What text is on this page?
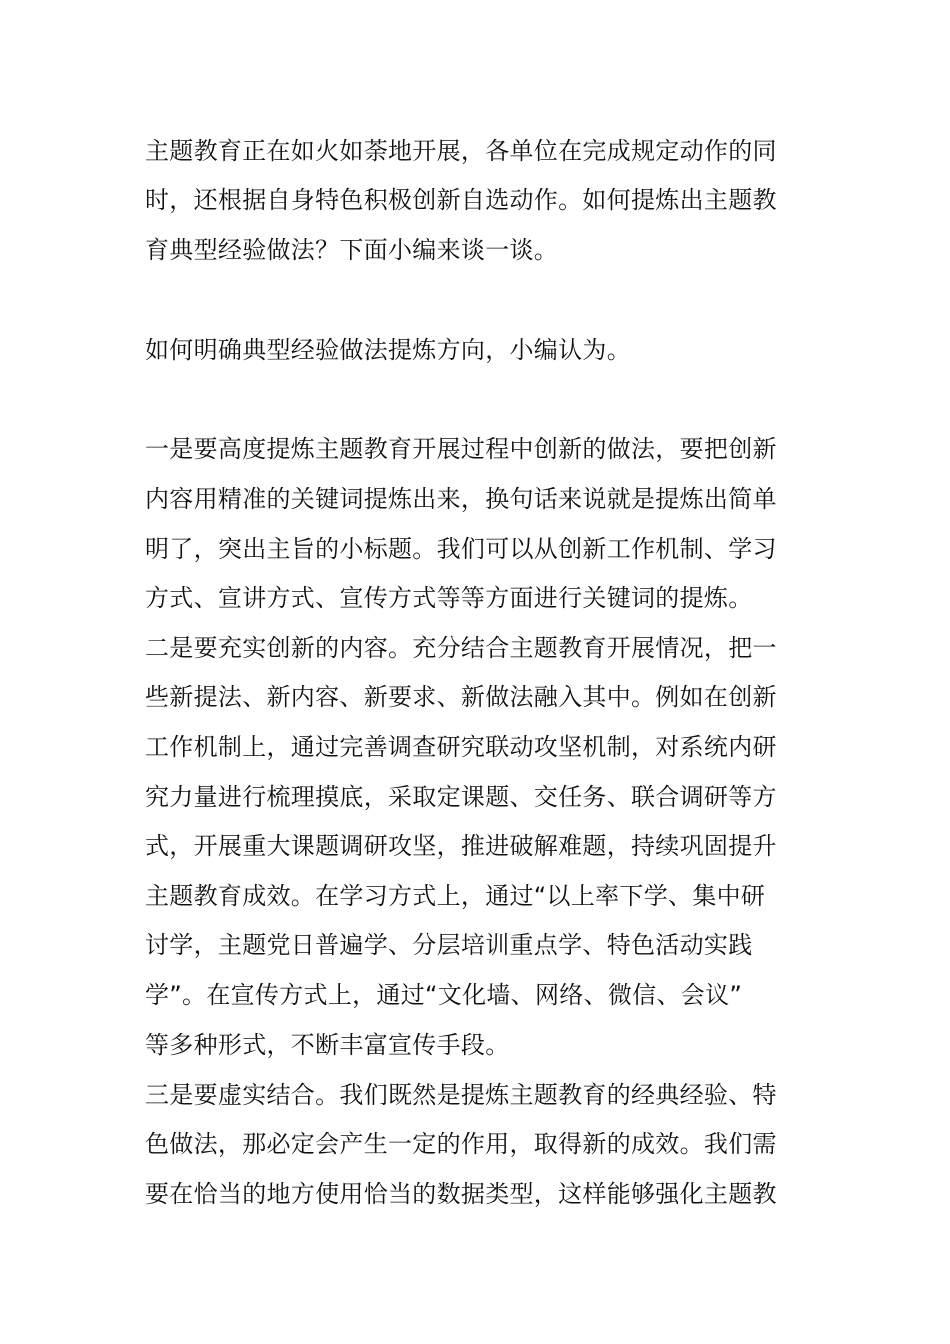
主题教育正在如火如荼地开展，各单位在完成规定动作的同
时，还根据自身特色积极创新自选动作。如何提炼出主题教
育典型经验做法？下面小编来谈一谈。
如何明确典型经验做法提炼方向，小编认为。
一是要高度提炼主题教育开展过程中创新的做法，要把创新
内容用精准的关键词提炼出来，换句话来说就是提炼出简单
明了，突出主旨的小标题。我们可以从创新工作机制、学习
方式、宣讲方式、宣传方式等等方面进行关键词的提炼。
二是要充实创新的内容。充分结合主题教育开展情况，把一
些新提法、新内容、新要求、新做法融入其中。例如在创新
工作机制上，通过完善调查研究联动攻坚机制，对系统内研
究力量进行梳理摸底，采取定课题、交任务、联合调研等方
式，开展重大课题调研攻坚，推进破解难题，持续巩固提升
主题教育成效。在学习方式上，通过“以上率下学、集中研
讨学，主题党日普遍学、分层培训重点学、特色活动实践
学”。在宣传方式上，通过“文化墙、网络、微信、会议”
等多种形式，不断丰富宣传手段。
三是要虚实结合。我们既然是提炼主题教育的经典经验、特
色做法，那必定会产生一定的作用，取得新的成效。我们需
要在恰当的地方使用恰当的数据类型，这样能够强化主题教
